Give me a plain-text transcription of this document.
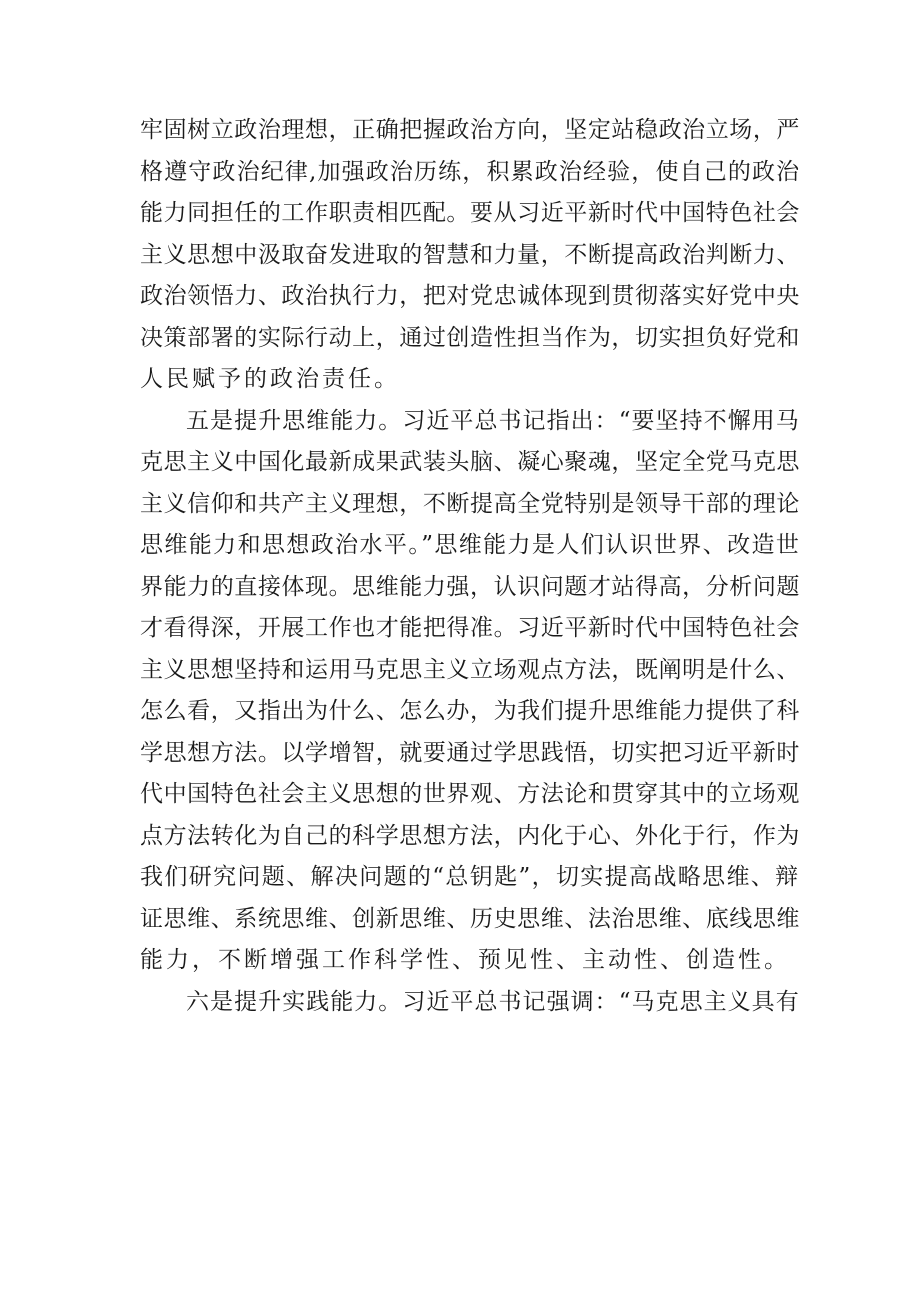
牢固树立政治理想，正确把握政治方向，坚定站稳政治立场，严
格遵守政治纪律,加强政治历练，积累政治经验，使自己的政治
能力同担任的工作职责相匹配。要从习近平新时代中国特色社会
主义思想中汲取奋发进取的智慧和力量，不断提高政治判断力、
政治领悟力、政治执行力，把对党忠诚体现到贯彻落实好党中央
决策部署的实际行动上，通过创造性担当作为，切实担负好党和
人民赋予的政治责任。
五是提升思维能力。习近平总书记指出：“要坚持不懈用马
克思主义中国化最新成果武装头脑、凝心聚魂，坚定全党马克思
主义信仰和共产主义理想，不断提高全党特别是领导干部的理论
思维能力和思想政治水平。”思维能力是人们认识世界、改造世
界能力的直接体现。思维能力强，认识问题才站得高，分析问题
才看得深，开展工作也才能把得准。习近平新时代中国特色社会
主义思想坚持和运用马克思主义立场观点方法，既阐明是什么、
怎么看，又指出为什么、怎么办，为我们提升思维能力提供了科
学思想方法。以学增智，就要通过学思践悟，切实把习近平新时
代中国特色社会主义思想的世界观、方法论和贯穿其中的立场观
点方法转化为自己的科学思想方法，内化于心、外化于行，作为
我们研究问题、解决问题的“总钥匙”，切实提高战略思维、辩
证思维、系统思维、创新思维、历史思维、法治思维、底线思维
能力，不断增强工作科学性、预见性、主动性、创造性。
六是提升实践能力。习近平总书记强调：“马克思主义具有
